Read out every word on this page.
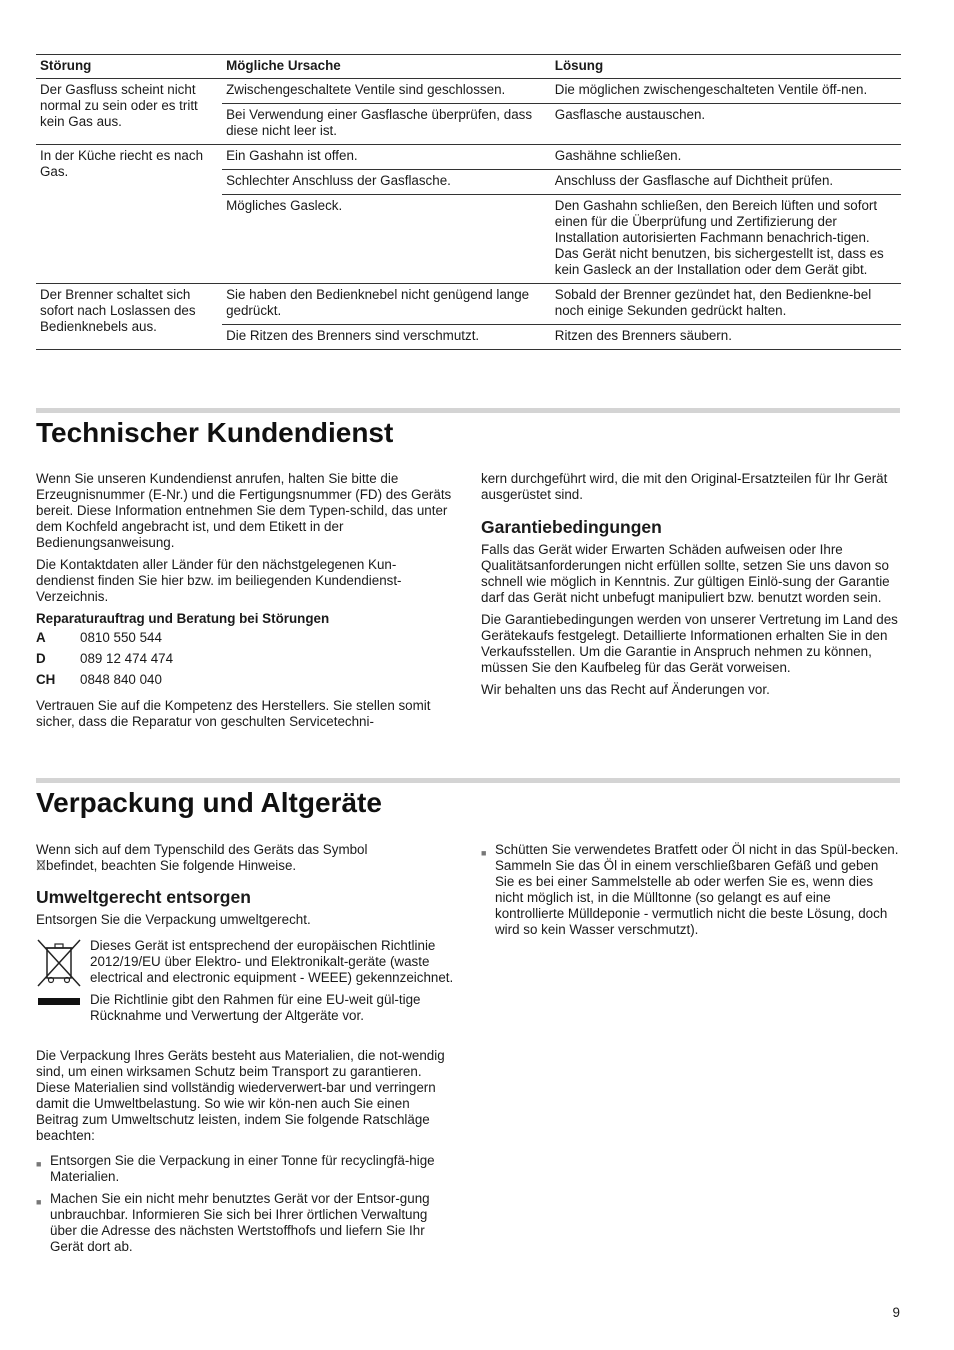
Störung	Mögliche Ursache	Lösung
Der Gasfluss scheint nicht normal zu sein oder es tritt kein Gas aus.	Zwischengeschaltete Ventile sind geschlossen.	Die möglichen zwischengeschalteten Ventile öff-nen.
	Bei Verwendung einer Gasflasche überprüfen, dass diese nicht leer ist.	Gasflasche austauschen.
In der Küche riecht es nach Gas.	Ein Gashahn ist offen.	Gashähne schließen.
	Schlechter Anschluss der Gasflasche.	Anschluss der Gasflasche auf Dichtheit prüfen.
	Mögliches Gasleck.	Den Gashahn schließen, den Bereich lüften und sofort einen für die Überprüfung und Zertifizierung der Installation autorisierten Fachmann benachrich-tigen. Das Gerät nicht benutzen, bis sichergestellt ist, dass es kein Gasleck an der Installation oder dem Gerät gibt.
Der Brenner schaltet sich sofort nach Loslassen des Bedienknebels aus.	Sie haben den Bedienknebel nicht genügend lange gedrückt.	Sobald der Brenner gezündet hat, den Bedienkne-bel noch einige Sekunden gedrückt halten.
	Die Ritzen des Brenners sind verschmutzt.	Ritzen des Brenners säubern.
Technischer Kundendienst

Wenn Sie unseren Kundendienst anrufen, halten Sie bitte die Erzeugnisnummer (E-Nr.) und die Fertigungsnummer (FD) des Geräts bereit. Diese Information entnehmen Sie dem Typen-schild, das unter dem Kochfeld angebracht ist, und dem Etikett in der Bedienungsanweisung.

Die Kontaktdaten aller Länder für den nächstgelegenen Kun-dendienst finden Sie hier bzw. im beiliegenden Kundendienst-Verzeichnis.

Reparaturauftrag und Beratung bei Störungen
A	0810 550 544
D	089 12 474 474
CH	0848 840 040

Vertrauen Sie auf die Kompetenz des Herstellers. Sie stellen somit sicher, dass die Reparatur von geschulten Servicetechni-

kern durchgeführt wird, die mit den Original-Ersatzteilen für Ihr Gerät ausgerüstet sind.

Garantiebedingungen

Falls das Gerät wider Erwarten Schäden aufweisen oder Ihre Qualitätsanforderungen nicht erfüllen sollte, setzen Sie uns davon so schnell wie möglich in Kenntnis. Zur gültigen Einlö-sung der Garantie darf das Gerät nicht unbefugt manipuliert bzw. benutzt worden sein.

Die Garantiebedingungen werden von unserer Vertretung im Land des Gerätekaufs festgelegt. Detaillierte Informationen erhalten Sie in den Verkaufsstellen. Um die Garantie in Anspruch nehmen zu können, müssen Sie den Kaufbeleg für das Gerät vorweisen.

Wir behalten uns das Recht auf Änderungen vor.

Verpackung und Altgeräte

Wenn sich auf dem Typenschild des Geräts das Symbol
befindet, beachten Sie folgende Hinweise.

Umweltgerecht entsorgen

Entsorgen Sie die Verpackung umweltgerecht.

Dieses Gerät ist entsprechend der europäischen Richtlinie 2012/19/EU über Elektro- und Elektronikalt-geräte (waste electrical and electronic equipment - WEEE) gekennzeichnet.

Die Richtlinie gibt den Rahmen für eine EU-weit gül-tige Rücknahme und Verwertung der Altgeräte vor.

Die Verpackung Ihres Geräts besteht aus Materialien, die not-wendig sind, um einen wirksamen Schutz beim Transport zu garantieren. Diese Materialien sind vollständig wiederverwert-bar und verringern damit die Umweltbelastung. So wie wir kön-nen auch Sie einen Beitrag zum Umweltschutz leisten, indem Sie folgende Ratschläge beachten:

■ Entsorgen Sie die Verpackung in einer Tonne für recyclingfä-hige Materialien.
■ Machen Sie ein nicht mehr benutztes Gerät vor der Entsor-gung unbrauchbar. Informieren Sie sich bei Ihrer örtlichen Verwaltung über die Adresse des nächsten Wertstoffhofs und liefern Sie Ihr Gerät dort ab.
■ Schütten Sie verwendetes Bratfett oder Öl nicht in das Spül-becken. Sammeln Sie das Öl in einem verschließbaren Gefäß und geben Sie es bei einer Sammelstelle ab oder werfen Sie es, wenn dies nicht möglich ist, in die Mülltonne (so gelangt es auf eine kontrollierte Mülldeponie - vermutlich nicht die beste Lösung, doch wird so kein Wasser verschmutzt).
9
